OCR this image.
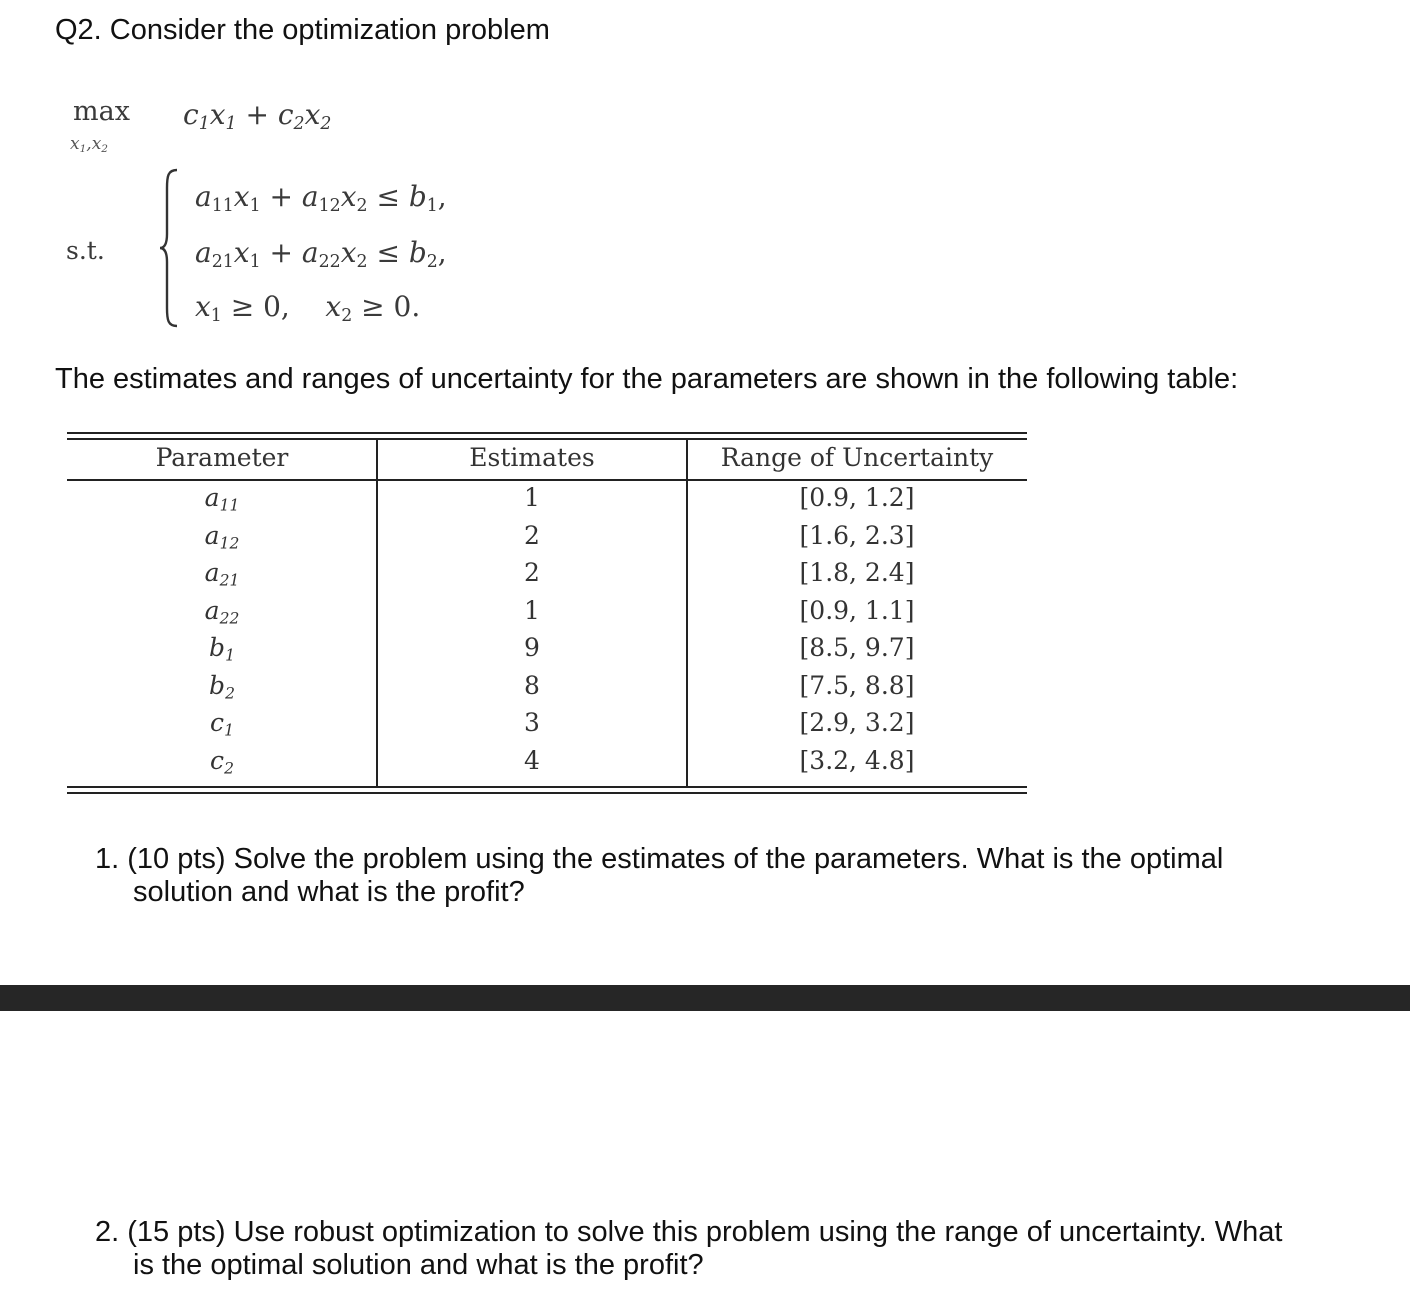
Q2. Consider the optimization problem
max
$x_1,x_2$
$c_1x_1 + c_2x_2$
s.t.
$a_{11}x_1 + a_{12}x_2 \le b_1$,
$a_{21}x_1 + a_{22}x_2 \le b_2$,
$x_1 \ge 0$,    $x_2 \ge 0$.
The estimates and ranges of uncertainty for the parameters are shown in the following table:
Parameter	Estimates	Range of Uncertainty
$a_{11}$	1	[0.9, 1.2]
$a_{12}$	2	[1.6, 2.3]
$a_{21}$	2	[1.8, 2.4]
$a_{22}$	1	[0.9, 1.1]
$b_1$	9	[8.5, 9.7]
$b_2$	8	[7.5, 8.8]
$c_1$	3	[2.9, 3.2]
$c_2$	4	[3.2, 4.8]
1. (10 pts) Solve the problem using the estimates of the parameters. What is the optimal
solution and what is the profit?
2. (15 pts) Use robust optimization to solve this problem using the range of uncertainty. What
is the optimal solution and what is the profit?
